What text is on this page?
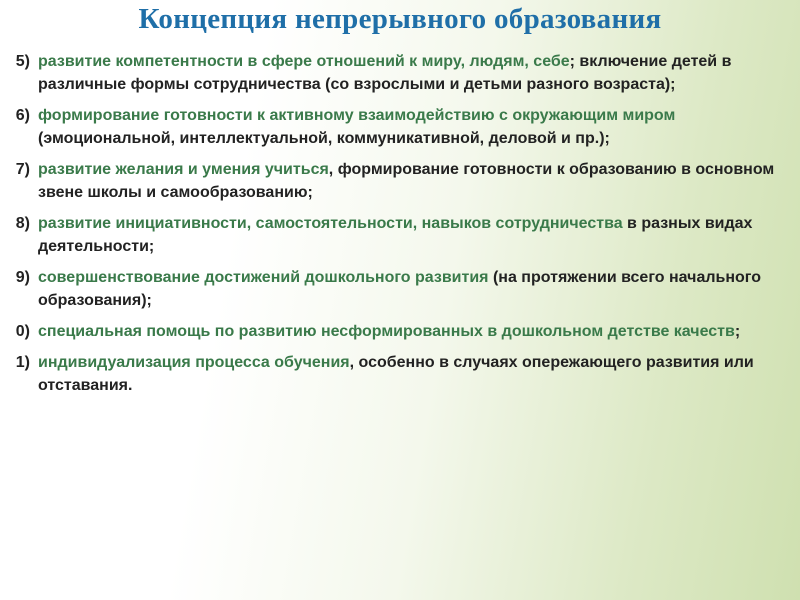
Концепция непрерывного образования
5) развитие компетентности в сфере отношений к миру, людям, себе; включение детей в различные формы сотрудничества (со взрослыми и детьми разного возраста);
6) формирование готовности к активному взаимодействию с окружающим миром (эмоциональной, интеллектуальной, коммуникативной, деловой и пр.);
7) развитие желания и умения учиться, формирование готовности к образованию в основном звене школы и самообразованию;
8) развитие инициативности, самостоятельности, навыков сотрудничества в разных видах деятельности;
9) совершенствование достижений дошкольного развития (на протяжении всего начального образования);
0) специальная помощь по развитию несформированных в дошкольном детстве качеств;
1) индивидуализация процесса обучения, особенно в случаях опережающего развития или отставания.
